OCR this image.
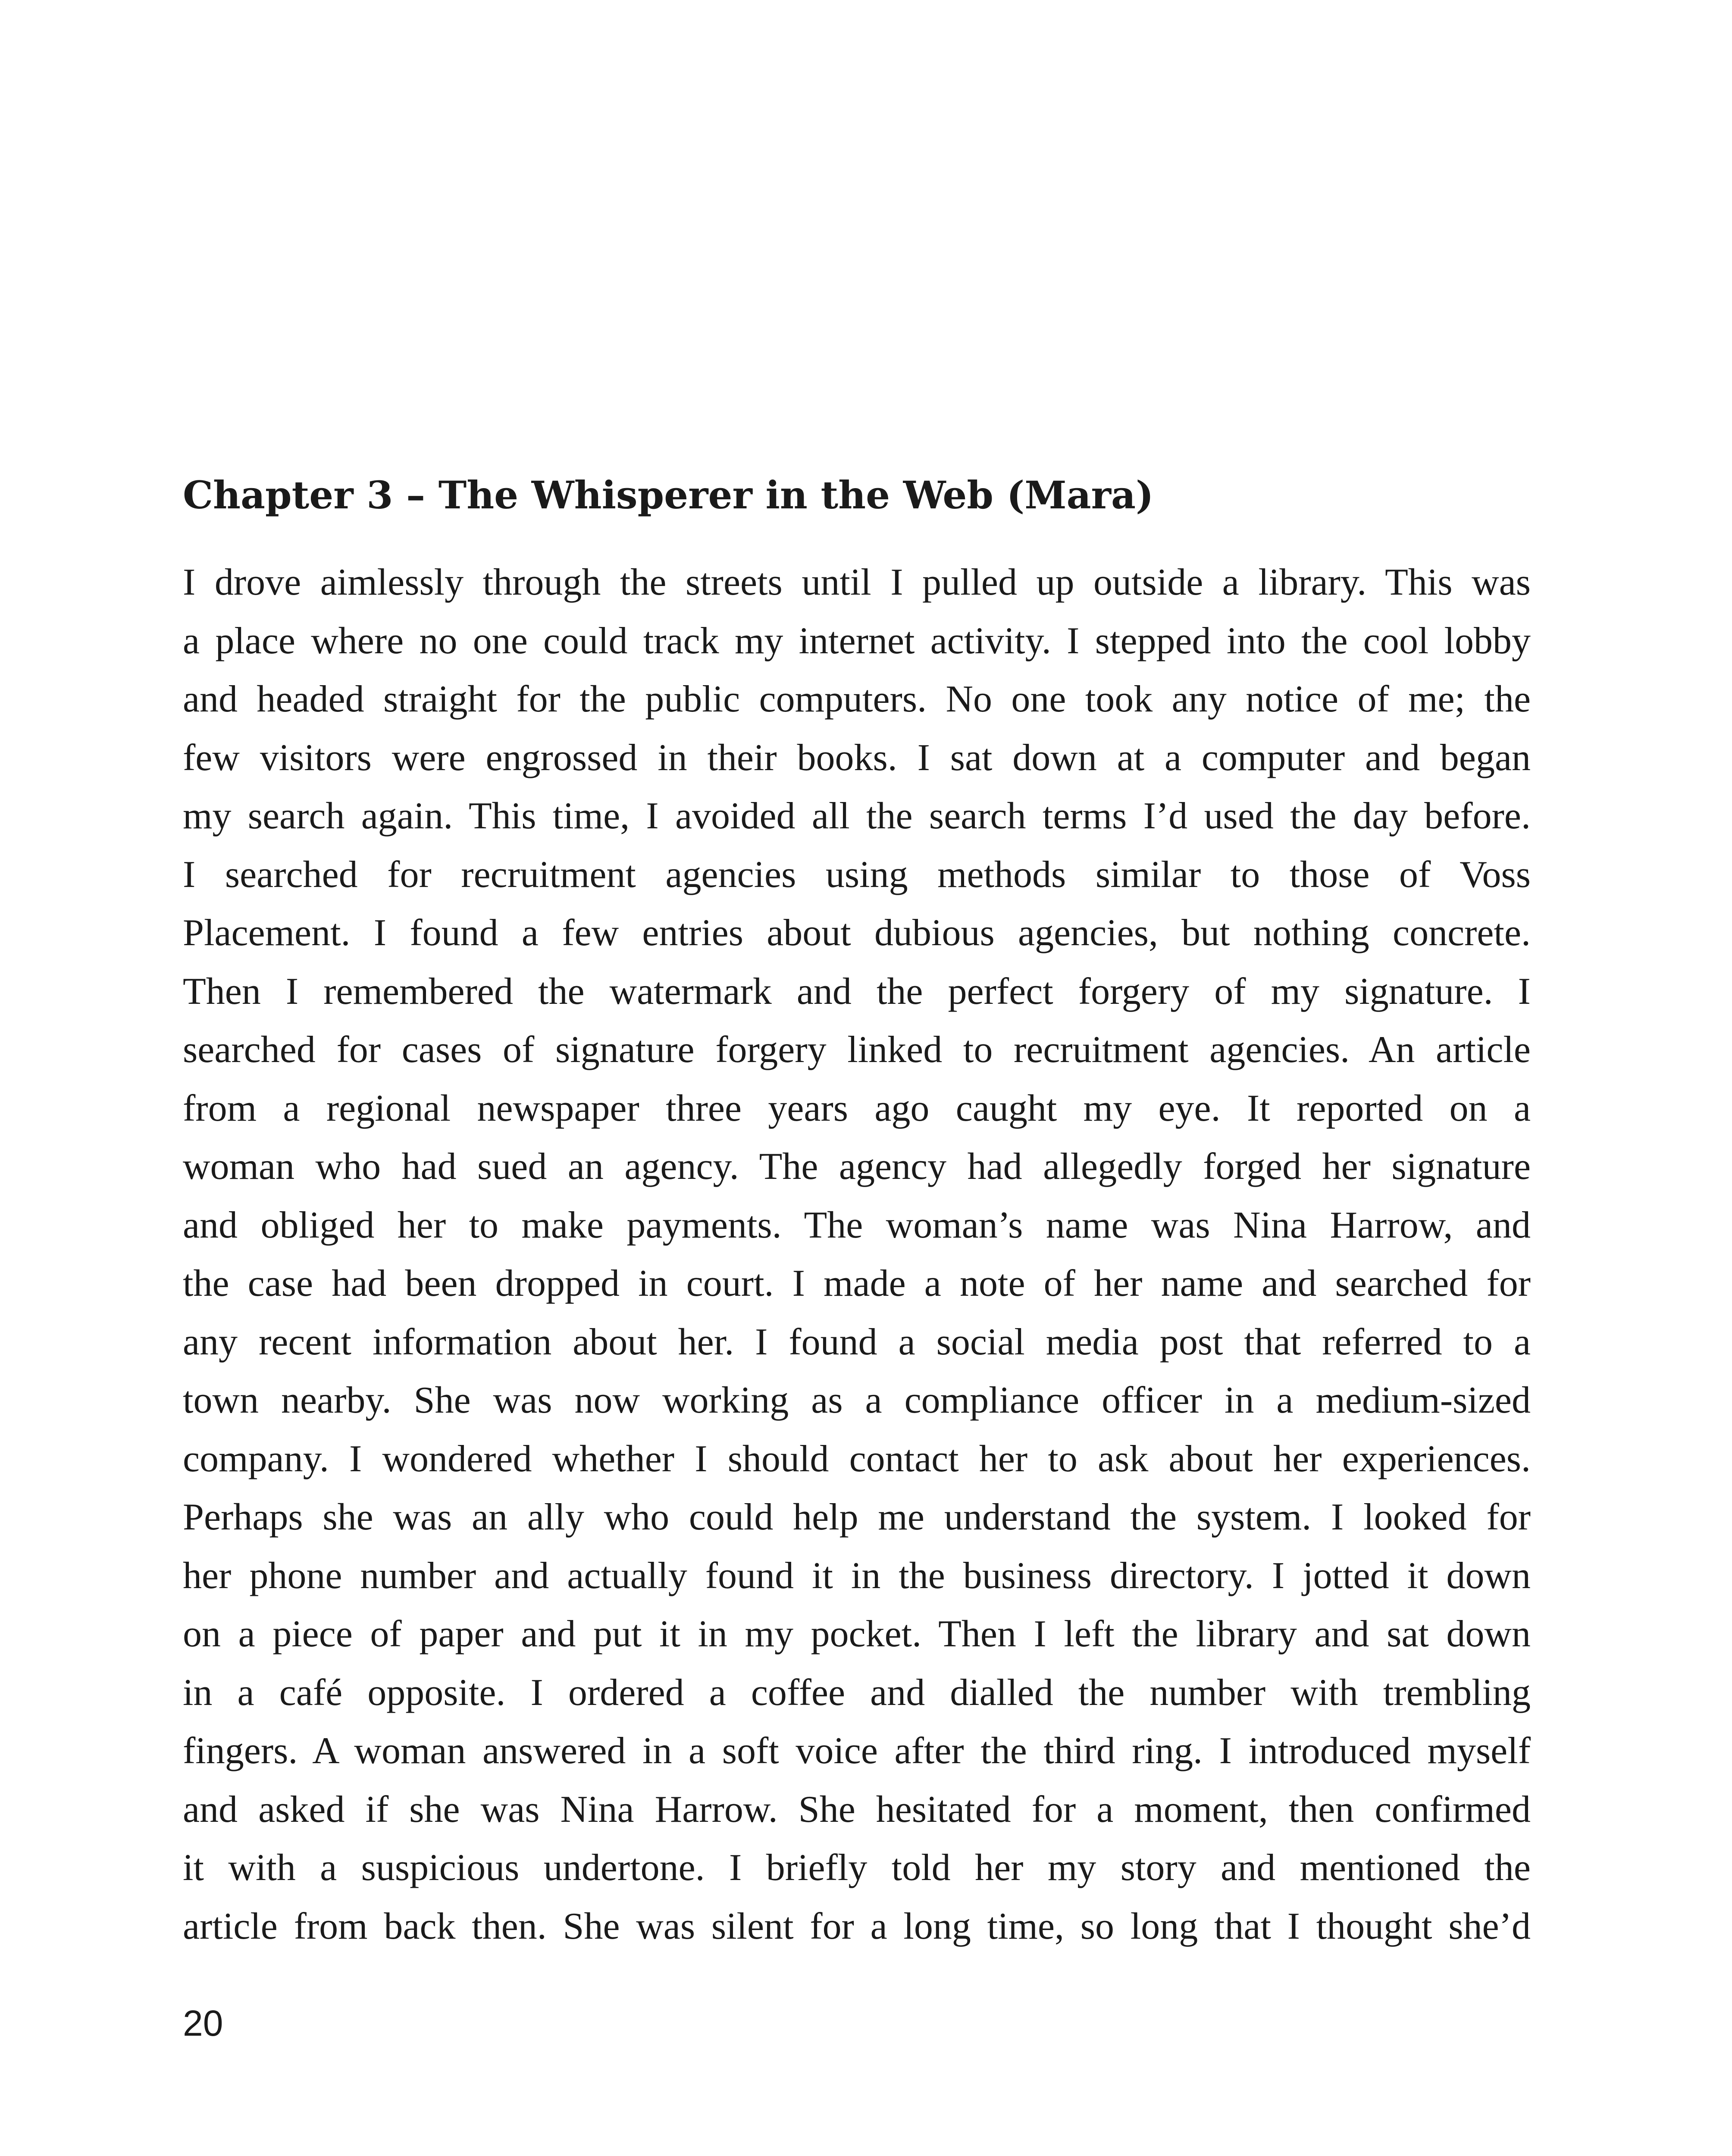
Chapter 3 – The Whisperer in the Web (Mara)
I drove aimlessly through the streets until I pulled up outside a library. This was
a place where no one could track my internet activity. I stepped into the cool lobby
and headed straight for the public computers. No one took any notice of me; the
few visitors were engrossed in their books. I sat down at a computer and began
my search again. This time, I avoided all the search terms I’d used the day before.
I searched for recruitment agencies using methods similar to those of Voss
Placement. I found a few entries about dubious agencies, but nothing concrete.
Then I remembered the watermark and the perfect forgery of my signature. I
searched for cases of signature forgery linked to recruitment agencies. An article
from a regional newspaper three years ago caught my eye. It reported on a
woman who had sued an agency. The agency had allegedly forged her signature
and obliged her to make payments. The woman’s name was Nina Harrow, and
the case had been dropped in court. I made a note of her name and searched for
any recent information about her. I found a social media post that referred to a
town nearby. She was now working as a compliance officer in a medium-sized
company. I wondered whether I should contact her to ask about her experiences.
Perhaps she was an ally who could help me understand the system. I looked for
her phone number and actually found it in the business directory. I jotted it down
on a piece of paper and put it in my pocket. Then I left the library and sat down
in a café opposite. I ordered a coffee and dialled the number with trembling
fingers. A woman answered in a soft voice after the third ring. I introduced myself
and asked if she was Nina Harrow. She hesitated for a moment, then confirmed
it with a suspicious undertone. I briefly told her my story and mentioned the
article from back then. She was silent for a long time, so long that I thought she’d
20
